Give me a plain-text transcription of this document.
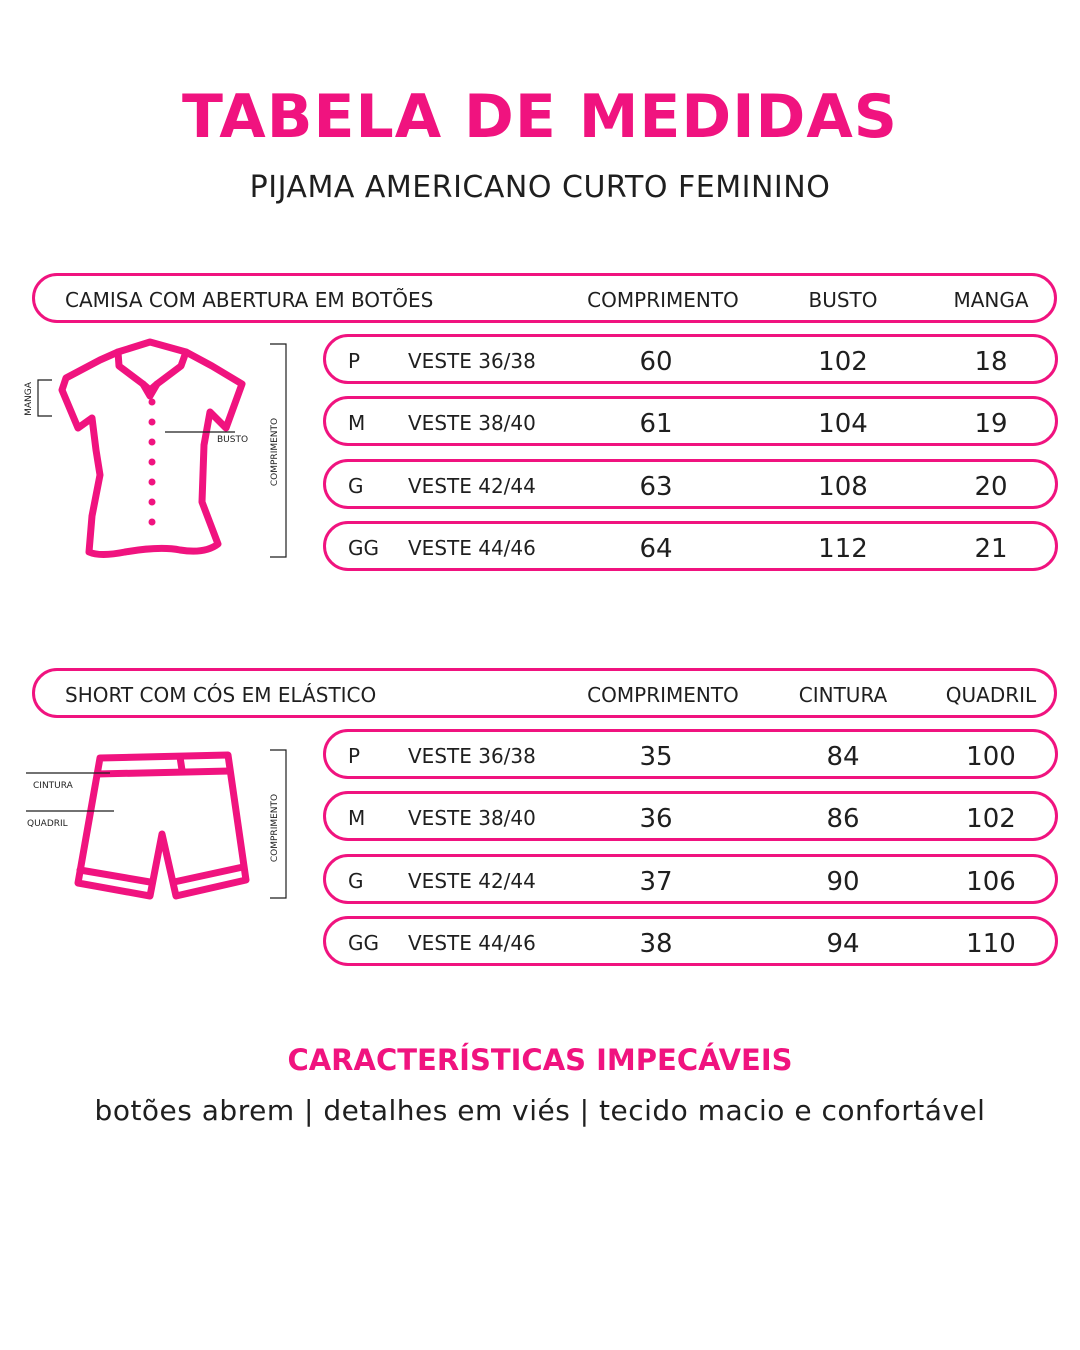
TABELA DE MEDIDAS
PIJAMA AMERICANO CURTO FEMININO
CAMISA COM ABERTURA EM BOTÕES	COMPRIMENTO	BUSTO	MANGA
P VESTE 36/38	60	102	18
M VESTE 38/40	61	104	19
G VESTE 42/44	63	108	20
GG VESTE 44/46	64	112	21
MANGA
BUSTO COMPRIMENTO
SHORT COM CÓS EM ELÁSTICO	COMPRIMENTO	CINTURA	QUADRIL
P VESTE 36/38	35	84	100
M VESTE 38/40	36	86	102
G VESTE 42/44	37	90	106
GG VESTE 44/46	38	94	110
CINTURA
QUADRIL	COMPRIMENTO
CARACTERÍSTICAS IMPECÁVEIS
botões abrem | detalhes em viés | tecido macio e confortável
